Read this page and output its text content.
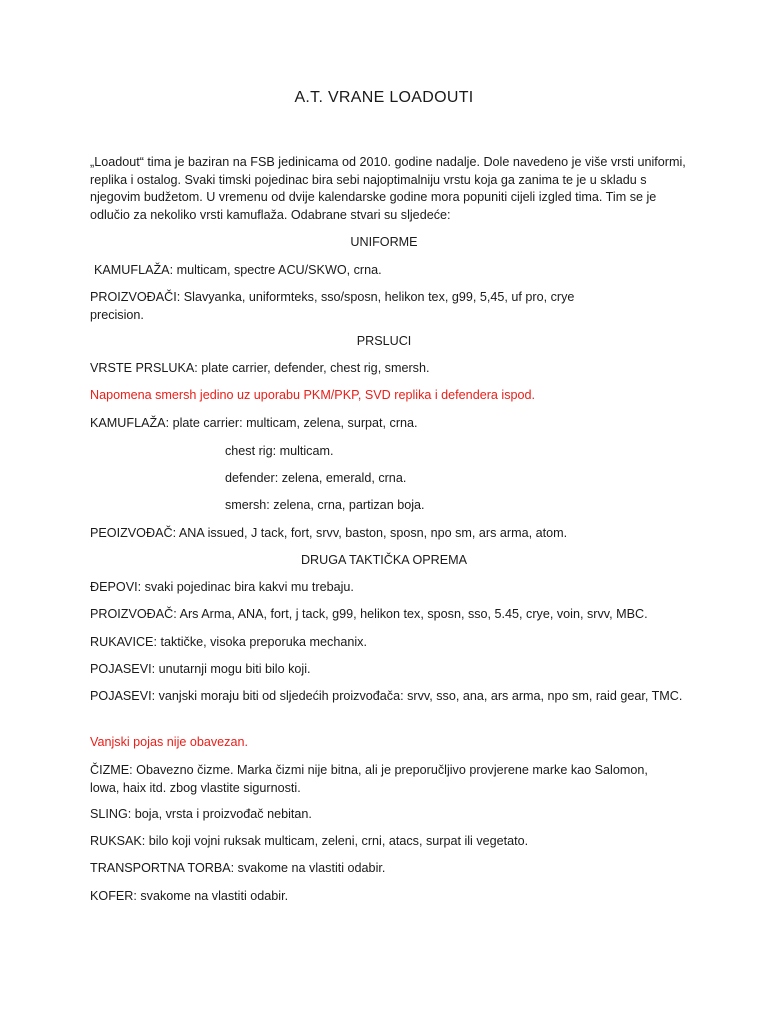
A.T. VRANE LOADOUTI

„Loadout“ tima je baziran na FSB jedinicama od 2010. godine nadalje. Dole navedeno je više vrsti uniformi, replika i ostalog. Svaki timski pojedinac bira sebi najoptimalniju vrstu koja ga zanima te je u skladu s njegovim budžetom. U vremenu od dvije kalendarske godine mora popuniti cijeli izgled tima. Tim se je odlučio za nekoliko vrsti kamuflaža. Odabrane stvari su sljedeće:

UNIFORME

KAMUFLAŽA: multicam, spectre ACU/SKWO, crna.

PROIZVOĐAČI: Slavyanka, uniformteks, sso/sposn, helikon tex, g99, 5,45, uf pro, crye precision.

PRSLUCI

VRSTE PRSLUKA: plate carrier, defender, chest rig, smersh.

Napomena smersh jedino uz uporabu PKM/PKP, SVD replika i defendera ispod.

KAMUFLAŽA: plate carrier: multicam, zelena, surpat, crna.

chest rig: multicam.

defender: zelena, emerald, crna.

smersh: zelena, crna, partizan boja.

PEOIZVOĐAČ: ANA issued, J tack, fort, srvv, baston, sposn, npo sm, ars arma, atom.

DRUGA TAKTIČKA OPREMA

ĐEPOVI: svaki pojedinac bira kakvi mu trebaju.

PROIZVOĐAČ: Ars Arma, ANA, fort, j tack, g99, helikon tex, sposn, sso, 5.45, crye, voin, srvv, MBC.

RUKAVICE: taktičke, visoka preporuka mechanix.

POJASEVI: unutarnji mogu biti bilo koji.

POJASEVI: vanjski moraju biti od sljedećih proizvođača: srvv, sso, ana, ars arma, npo sm, raid gear, TMC.

Vanjski pojas nije obavezan.

ČIZME: Obavezno čizme. Marka čizmi nije bitna, ali je preporučljivo provjerene marke kao Salomon, lowa, haix itd. zbog vlastite sigurnosti.

SLING: boja, vrsta i proizvođač nebitan.

RUKSAK: bilo koji vojni ruksak multicam, zeleni, crni, atacs, surpat ili vegetato.

TRANSPORTNA TORBA: svakome na vlastiti odabir.

KOFER: svakome na vlastiti odabir.
